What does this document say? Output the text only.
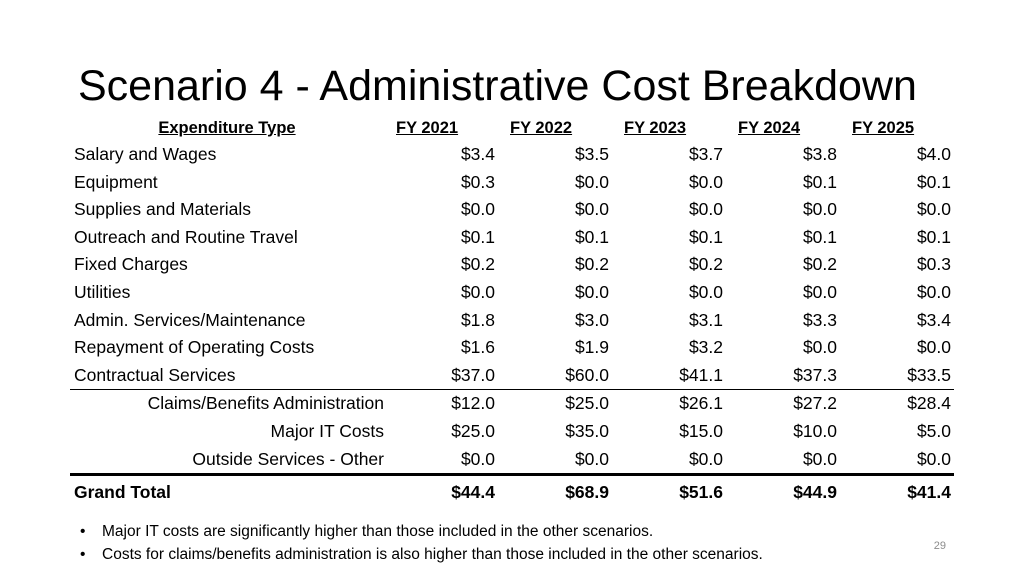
Scenario 4 - Administrative Cost Breakdown
Expenditure Type	FY 2021	FY 2022	FY 2023	FY 2024	FY 2025
Salary and Wages	$3.4	$3.5	$3.7	$3.8	$4.0
Equipment	$0.3	$0.0	$0.0	$0.1	$0.1
Supplies and Materials	$0.0	$0.0	$0.0	$0.0	$0.0
Outreach and Routine Travel	$0.1	$0.1	$0.1	$0.1	$0.1
Fixed Charges	$0.2	$0.2	$0.2	$0.2	$0.3
Utilities	$0.0	$0.0	$0.0	$0.0	$0.0
Admin. Services/Maintenance	$1.8	$3.0	$3.1	$3.3	$3.4
Repayment of Operating Costs	$1.6	$1.9	$3.2	$0.0	$0.0
Contractual Services	$37.0	$60.0	$41.1	$37.3	$33.5
Claims/Benefits Administration	$12.0	$25.0	$26.1	$27.2	$28.4
Major IT Costs	$25.0	$35.0	$15.0	$10.0	$5.0
Outside Services - Other	$0.0	$0.0	$0.0	$0.0	$0.0
Grand Total	$44.4	$68.9	$51.6	$44.9	$41.4
• Major IT costs are significantly higher than those included in the other scenarios.
• Costs for claims/benefits administration is also higher than those included in the other scenarios.	29
